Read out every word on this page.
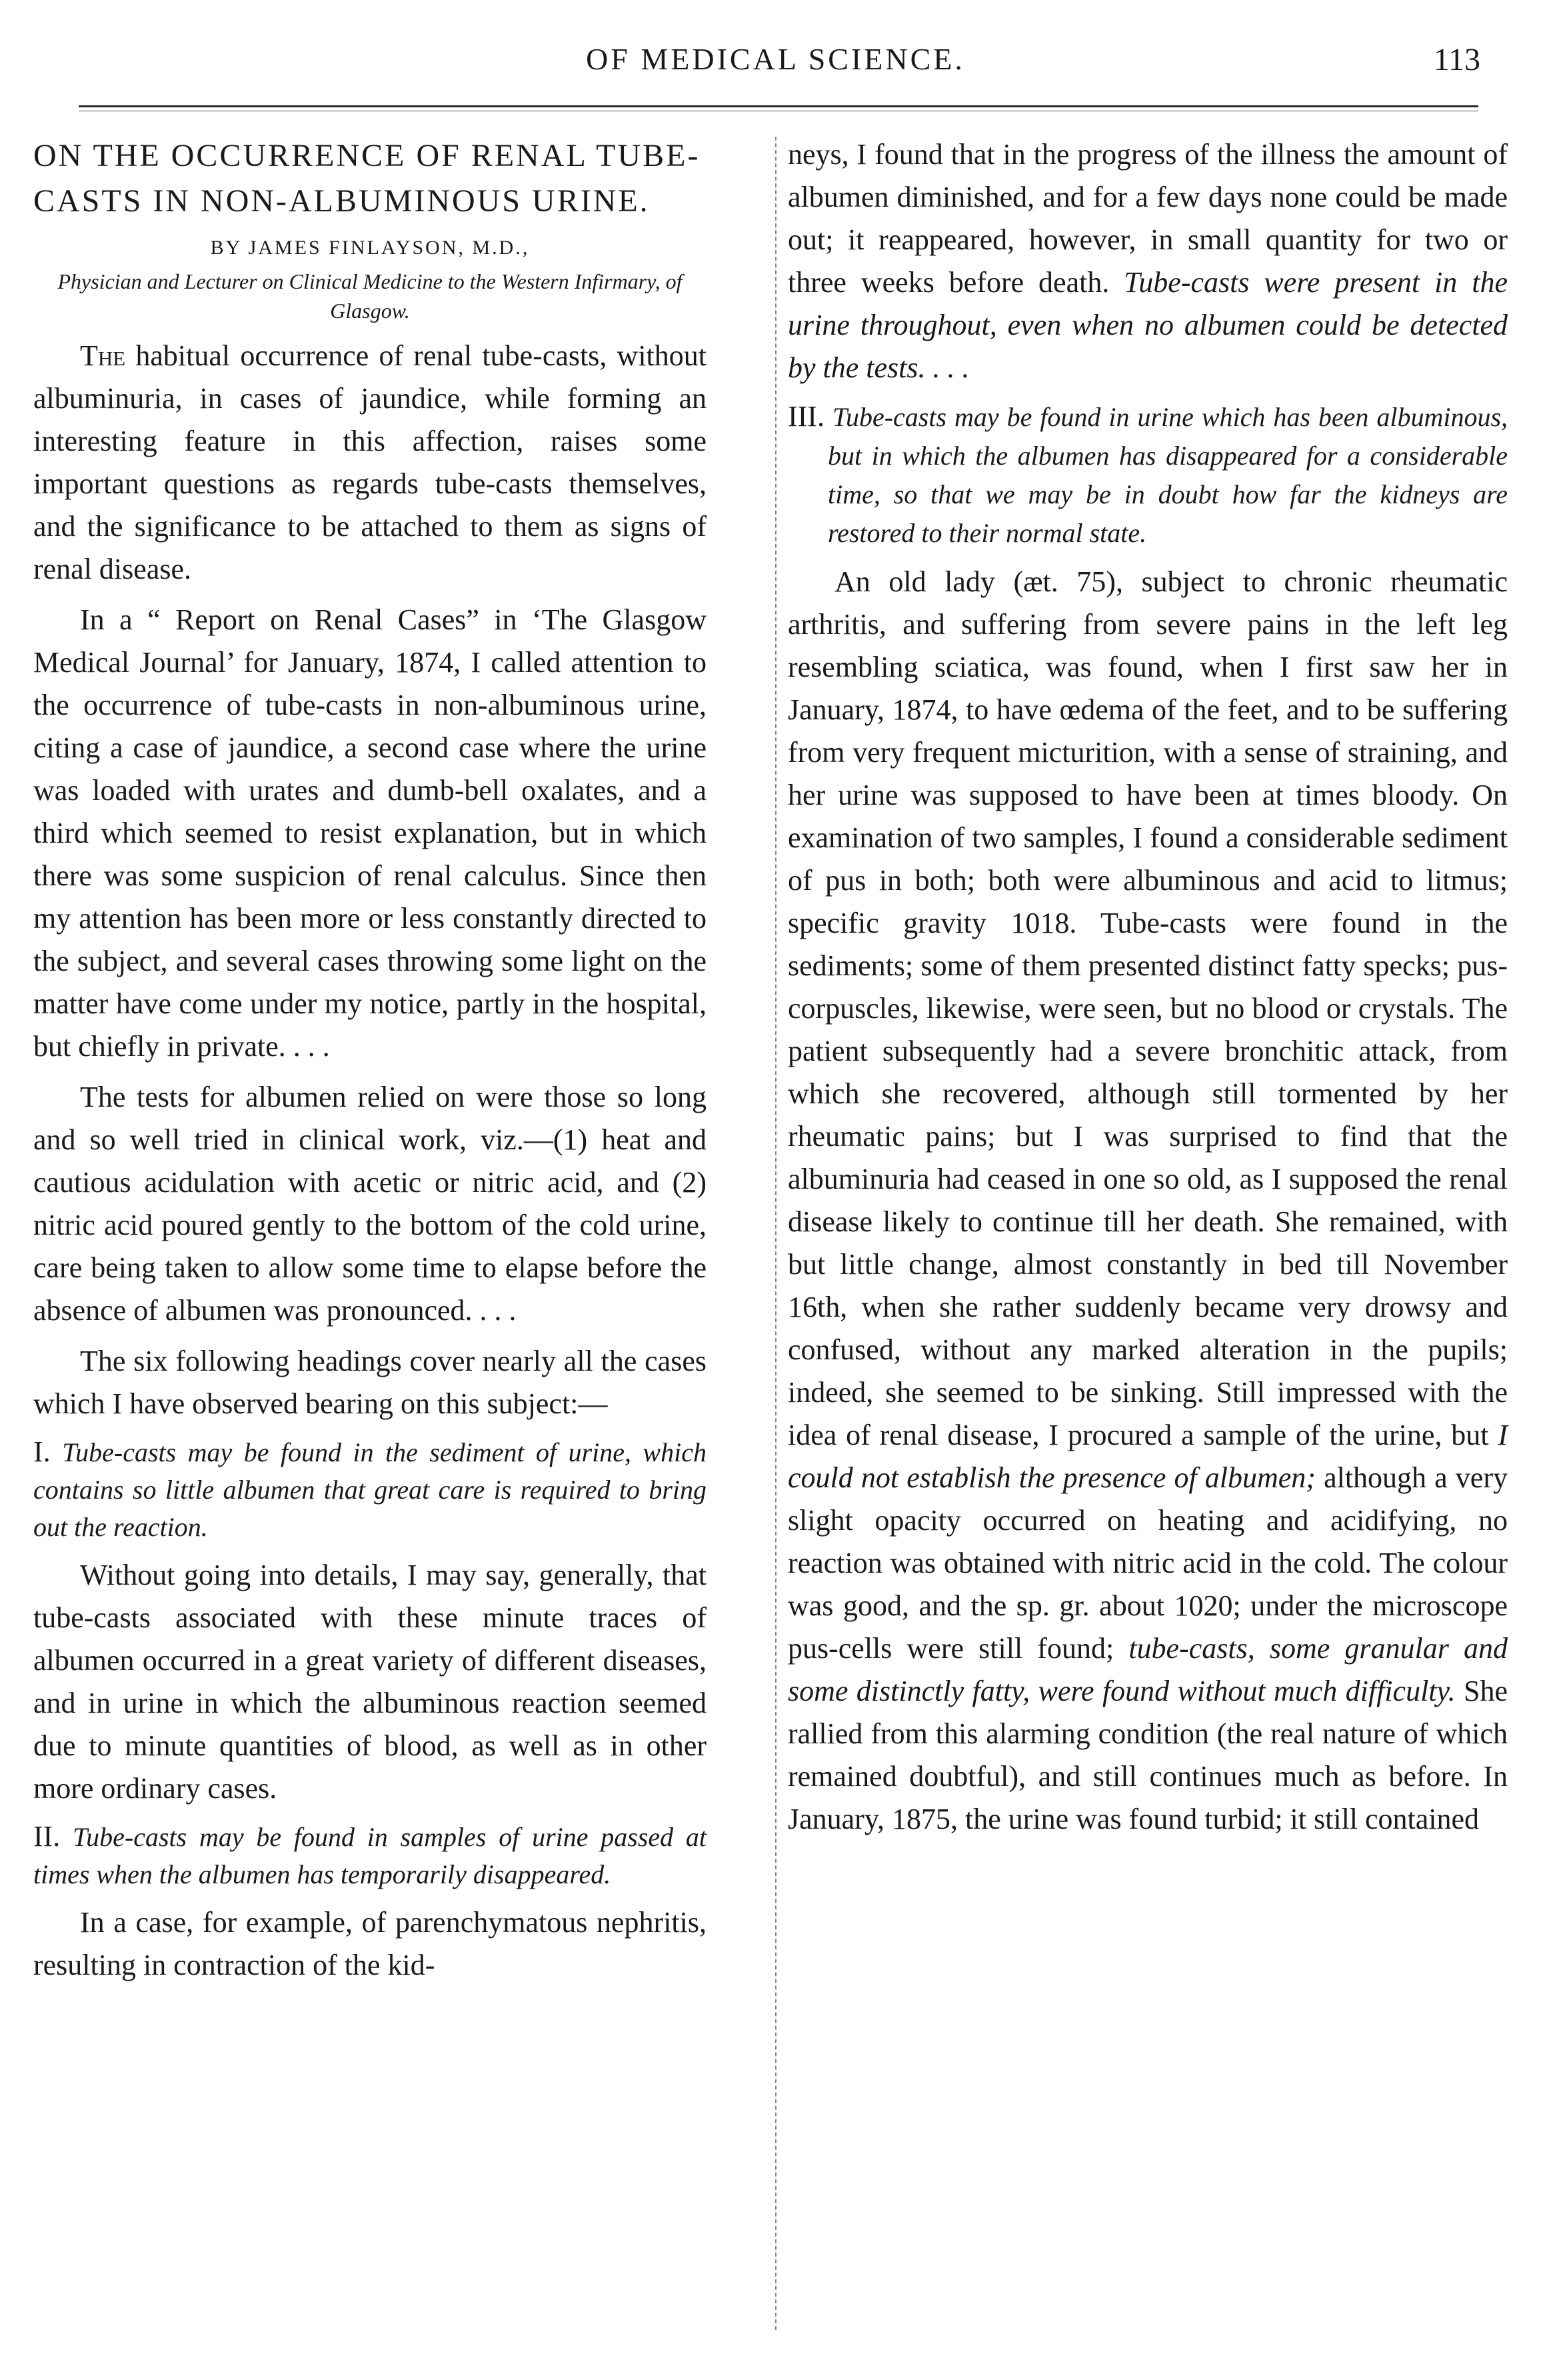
OF MEDICAL SCIENCE.	113
ON THE OCCURRENCE OF RENAL TUBE-CASTS IN NON-ALBUMINOUS URINE.
BY JAMES FINLAYSON, M.D.,
Physician and Lecturer on Clinical Medicine to the Western Infirmary, of Glasgow.

The habitual occurrence of renal tube-casts, without albuminuria, in cases of jaundice, while forming an interesting feature in this affection, raises some important questions as regards tube-casts themselves, and the significance to be attached to them as signs of renal disease.

In a “ Report on Renal Cases” in ‘The Glasgow Medical Journal’ for January, 1874, I called attention to the occurrence of tube-casts in non-albuminous urine, citing a case of jaundice, a second case where the urine was loaded with urates and dumb-bell oxalates, and a third which seemed to resist explanation, but in which there was some suspicion of renal calculus. Since then my attention has been more or less constantly directed to the subject, and several cases throwing some light on the matter have come under my notice, partly in the hospital, but chiefly in private. . . .

The tests for albumen relied on were those so long and so well tried in clinical work, viz.—(1) heat and cautious acidulation with acetic or nitric acid, and (2) nitric acid poured gently to the bottom of the cold urine, care being taken to allow some time to elapse before the absence of albumen was pronounced. . . .

The six following headings cover nearly all the cases which I have observed bearing on this subject:—

I. Tube-casts may be found in the sediment of urine, which contains so little albumen that great care is required to bring out the reaction.

Without going into details, I may say, generally, that tube-casts associated with these minute traces of albumen occurred in a great variety of different diseases, and in urine in which the albuminous reaction seemed due to minute quantities of blood, as well as in other more ordinary cases.

II. Tube-casts may be found in samples of urine passed at times when the albumen has temporarily disappeared.

In a case, for example, of parenchymatous nephritis, resulting in contraction of the kid-

neys, I found that in the progress of the illness the amount of albumen diminished, and for a few days none could be made out; it reappeared, however, in small quantity for two or three weeks before death. Tube-casts were present in the urine throughout, even when no albumen could be detected by the tests. . . .

III. Tube-casts may be found in urine which has been albuminous, but in which the albumen has disappeared for a considerable time, so that we may be in doubt how far the kidneys are restored to their normal state.

An old lady (æt. 75), subject to chronic rheumatic arthritis, and suffering from severe pains in the left leg resembling sciatica, was found, when I first saw her in January, 1874, to have œdema of the feet, and to be suffering from very frequent micturition, with a sense of straining, and her urine was supposed to have been at times bloody. On examination of two samples, I found a considerable sediment of pus in both; both were albuminous and acid to litmus; specific gravity 1018. Tube-casts were found in the sediments; some of them presented distinct fatty specks; pus-corpuscles, likewise, were seen, but no blood or crystals. The patient subsequently had a severe bronchitic attack, from which she recovered, although still tormented by her rheumatic pains; but I was surprised to find that the albuminuria had ceased in one so old, as I supposed the renal disease likely to continue till her death. She remained, with but little change, almost constantly in bed till November 16th, when she rather suddenly became very drowsy and confused, without any marked alteration in the pupils; indeed, she seemed to be sinking. Still impressed with the idea of renal disease, I procured a sample of the urine, but I could not establish the presence of albumen; although a very slight opacity occurred on heating and acidifying, no reaction was obtained with nitric acid in the cold. The colour was good, and the sp. gr. about 1020; under the microscope pus-cells were still found; tube-casts, some granular and some distinctly fatty, were found without much difficulty. She rallied from this alarming condition (the real nature of which remained doubtful), and still continues much as before. In January, 1875, the urine was found turbid; it still contained
